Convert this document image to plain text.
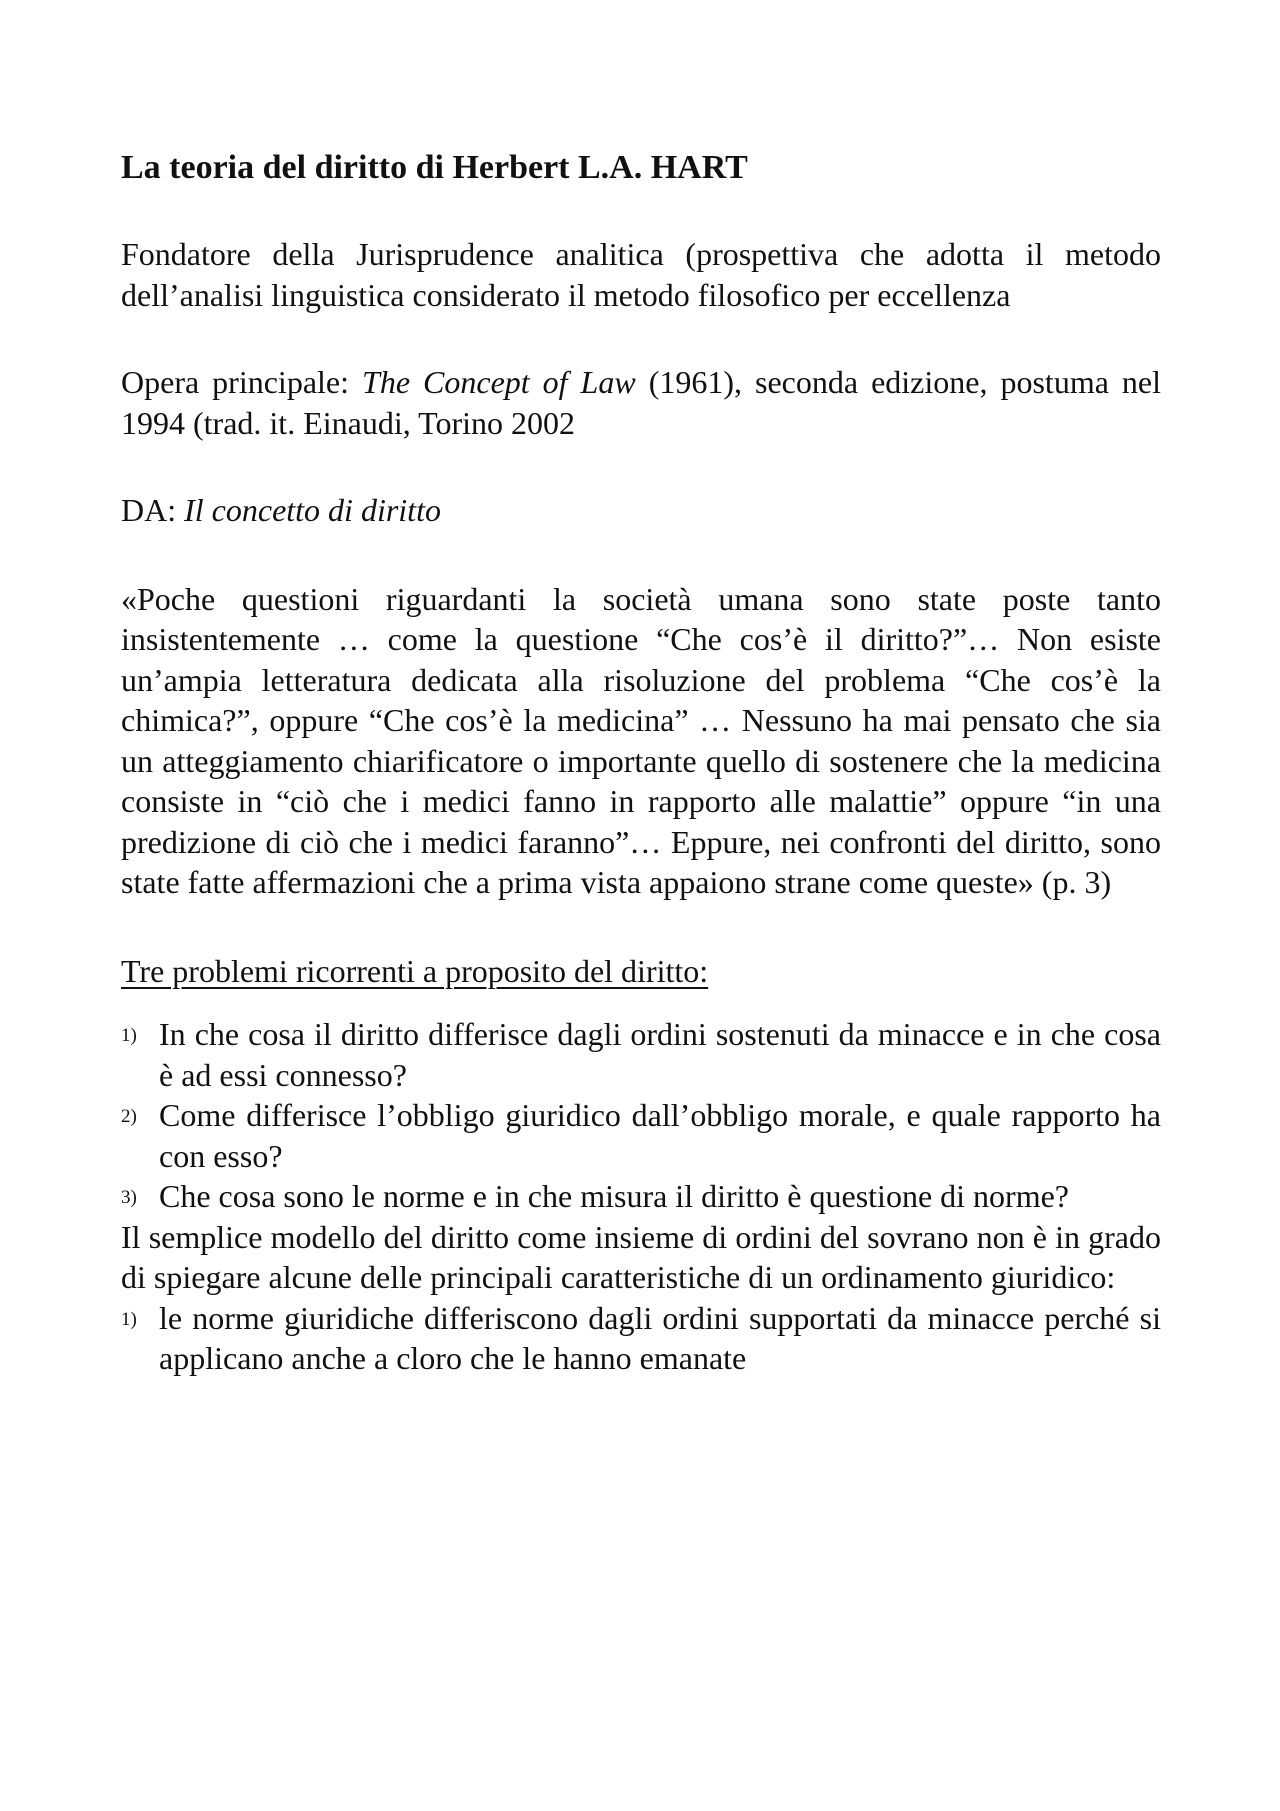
La teoria del diritto di Herbert L.A. HART

Fondatore della Jurisprudence analitica (prospettiva che adotta il metodo dell’analisi linguistica considerato il metodo filosofico per eccellenza

Opera principale: The Concept of Law (1961), seconda edizione, postuma nel 1994 (trad. it. Einaudi, Torino 2002

DA: Il concetto di diritto

«Poche questioni riguardanti la società umana sono state poste tanto insistentemente … come la questione “Che cos’è il diritto?”… Non esiste un’ampia letteratura dedicata alla risoluzione del problema “Che cos’è la chimica?”, oppure “Che cos’è la medicina” … Nessuno ha mai pensato che sia un atteggiamento chiarificatore o importante quello di sostenere che la medicina consiste in “ciò che i medici fanno in rapporto alle malattie” oppure “in una predizione di ciò che i medici faranno”… Eppure, nei confronti del diritto, sono state fatte affermazioni che a prima vista appaiono strane come queste» (p. 3)

Tre problemi ricorrenti a proposito del diritto:
1) In che cosa il diritto differisce dagli ordini sostenuti da minacce e in che cosa è ad essi connesso?
2) Come differisce l’obbligo giuridico dall’obbligo morale, e quale rapporto ha con esso?
3) Che cosa sono le norme e in che misura il diritto è questione di norme?

Il semplice modello del diritto come insieme di ordini del sovrano non è in grado di spiegare alcune delle principali caratteristiche di un ordinamento giuridico:

1) le norme giuridiche differiscono dagli ordini supportati da minacce perché si applicano anche a cloro che le hanno emanate
